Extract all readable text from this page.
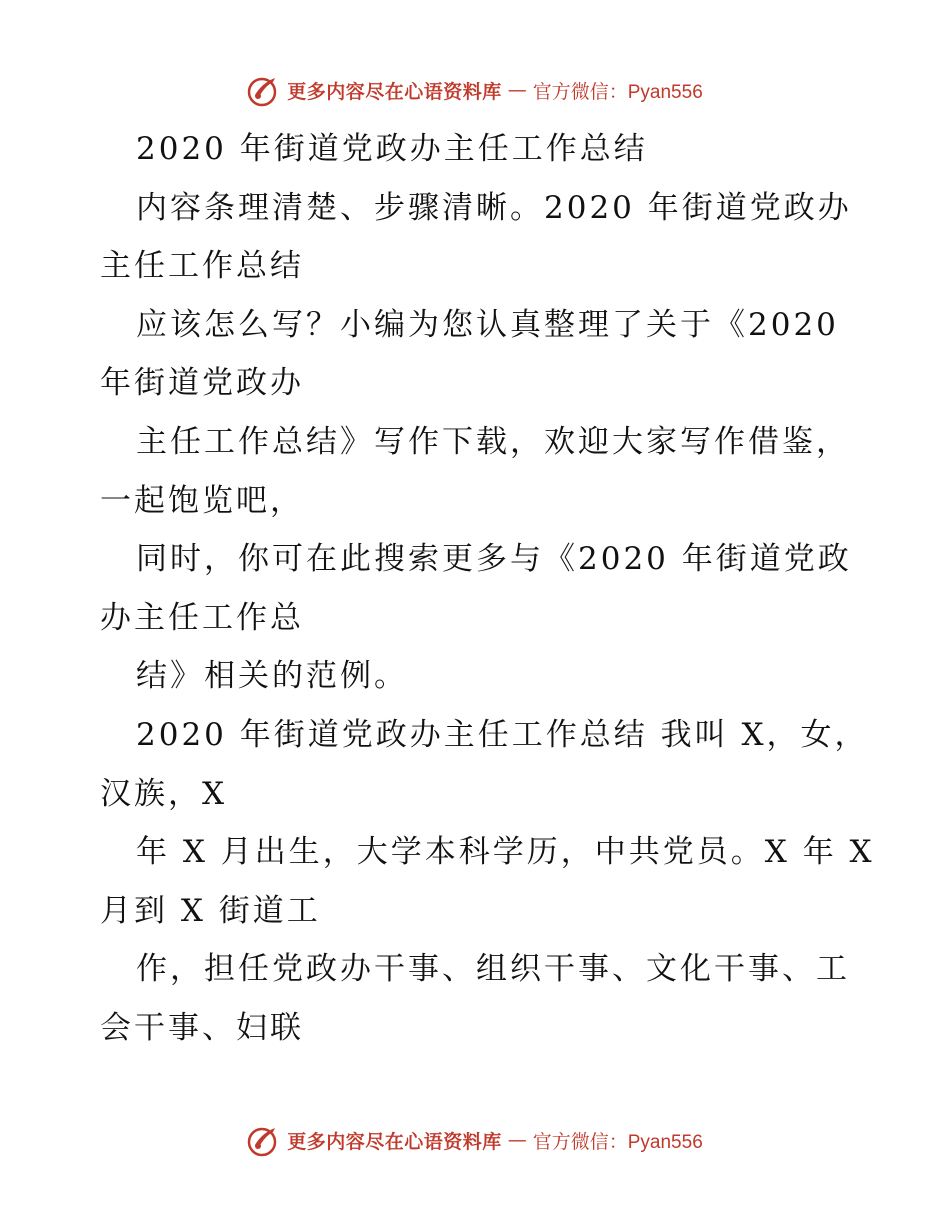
更多内容尽在心语资料库 — 官方微信：Pyan556
2020 年街道党政办主任工作总结
内容条理清楚、步骤清晰。2020 年街道党政办
主任工作总结
应该怎么写？小编为您认真整理了关于《2020
年街道党政办
主任工作总结》写作下载，欢迎大家写作借鉴，
一起饱览吧，
同时，你可在此搜索更多与《2020 年街道党政
办主任工作总
结》相关的范例。
2020 年街道党政办主任工作总结 我叫 X，女，
汉族，X
年 X 月出生，大学本科学历，中共党员。X 年 X
月到 X 街道工
作，担任党政办干事、组织干事、文化干事、工
会干事、妇联
更多内容尽在心语资料库 — 官方微信：Pyan556
